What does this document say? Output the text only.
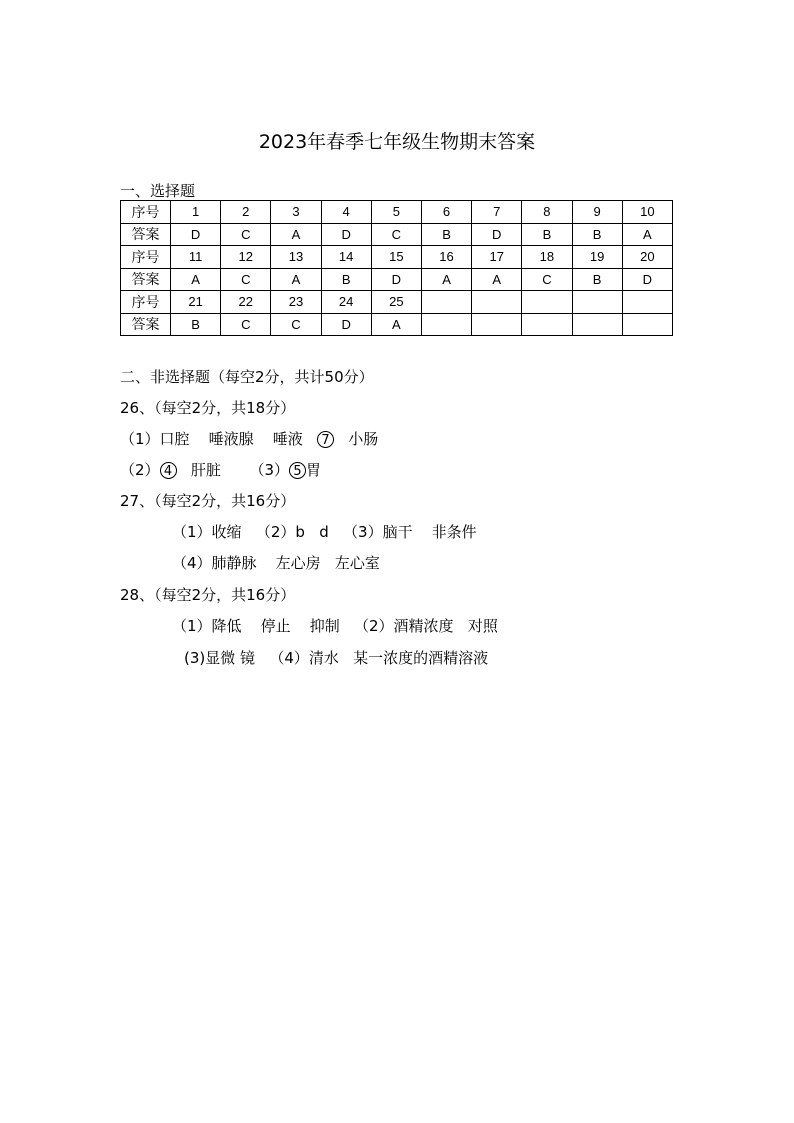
2023年春季七年级生物期末答案
一、选择题
序号	1	2	3	4	5	6	7	8	9	10
答案	D	C	A	D	C	B	D	B	B	A
序号	11	12	13	14	15	16	17	18	19	20
答案	A	C	A	B	D	A	A	C	B	D
序号	21	22	23	24	25					
答案	B	C	C	D	A					
二、非选择题（每空2分，共计50分）
26、（每空2分，共18分）
（1）口腔    唾液腺    唾液   7   小肠
（2） 4   肝脏      （3） 5 胃
27、（每空2分，共16分）
（1）收缩   （2）b   d   （3）脑干    非条件
（4）肺静脉    左心房   左心室
28、（每空2分，共16分）
（1）降低    停止    抑制   （2）酒精浓度   对照
(3)显微 镜   （4）清水   某一浓度的酒精溶液
